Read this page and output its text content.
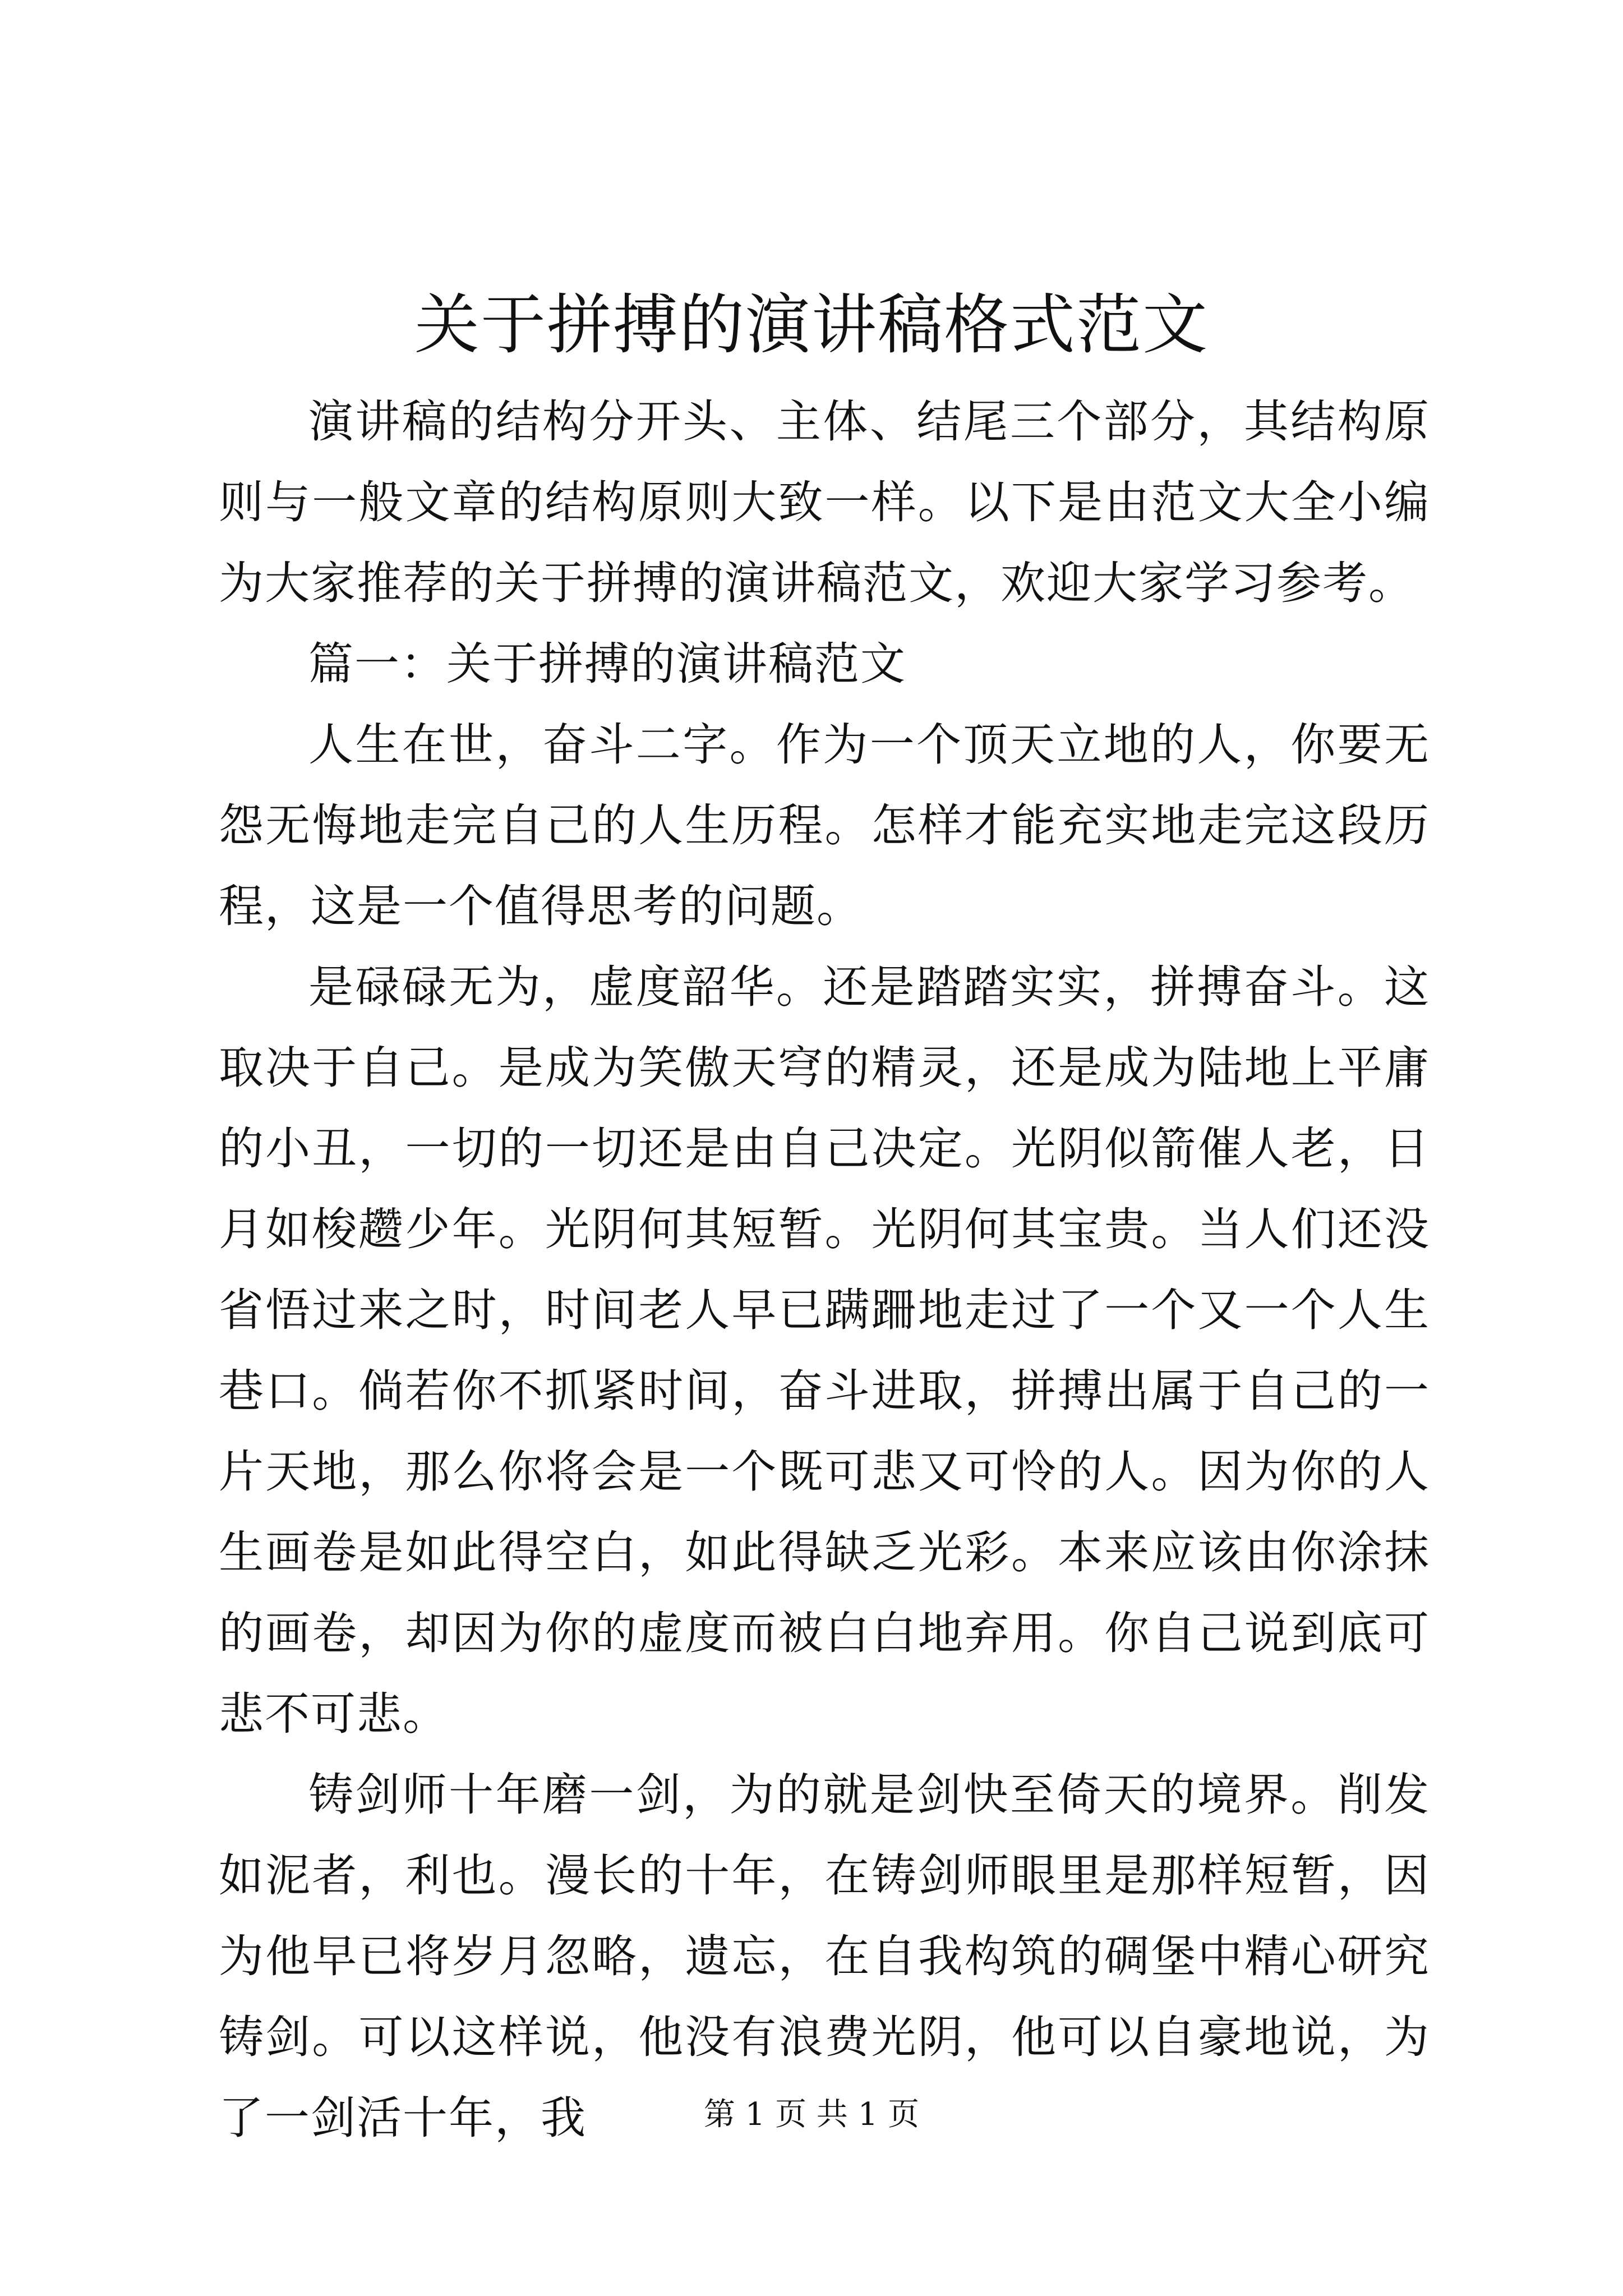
关于拼搏的演讲稿格式范文

演讲稿的结构分开头、主体、结尾三个部分，其结构原则与一般文章的结构原则大致一样。以下是由范文大全小编为大家推荐的关于拼搏的演讲稿范文，欢迎大家学习参考。

篇一：关于拼搏的演讲稿范文

人生在世，奋斗二字。作为一个顶天立地的人，你要无怨无悔地走完自己的人生历程。怎样才能充实地走完这段历程，这是一个值得思考的问题。

是碌碌无为，虚度韶华。还是踏踏实实，拼搏奋斗。这取决于自己。是成为笑傲天穹的精灵，还是成为陆地上平庸的小丑，一切的一切还是由自己决定。光阴似箭催人老，日月如梭趱少年。光阴何其短暂。光阴何其宝贵。当人们还没省悟过来之时，时间老人早已蹒跚地走过了一个又一个人生巷口。倘若你不抓紧时间，奋斗进取，拼搏出属于自己的一片天地，那么你将会是一个既可悲又可怜的人。因为你的人生画卷是如此得空白，如此得缺乏光彩。本来应该由你涂抹的画卷，却因为你的虚度而被白白地弃用。你自己说到底可悲不可悲。

铸剑师十年磨一剑，为的就是剑快至倚天的境界。削发如泥者，利也。漫长的十年，在铸剑师眼里是那样短暂，因为他早已将岁月忽略，遗忘，在自我构筑的碉堡中精心研究铸剑。可以这样说，他没有浪费光阴，他可以自豪地说，为了一剑活十年，我	第 1 页 共 1 页
